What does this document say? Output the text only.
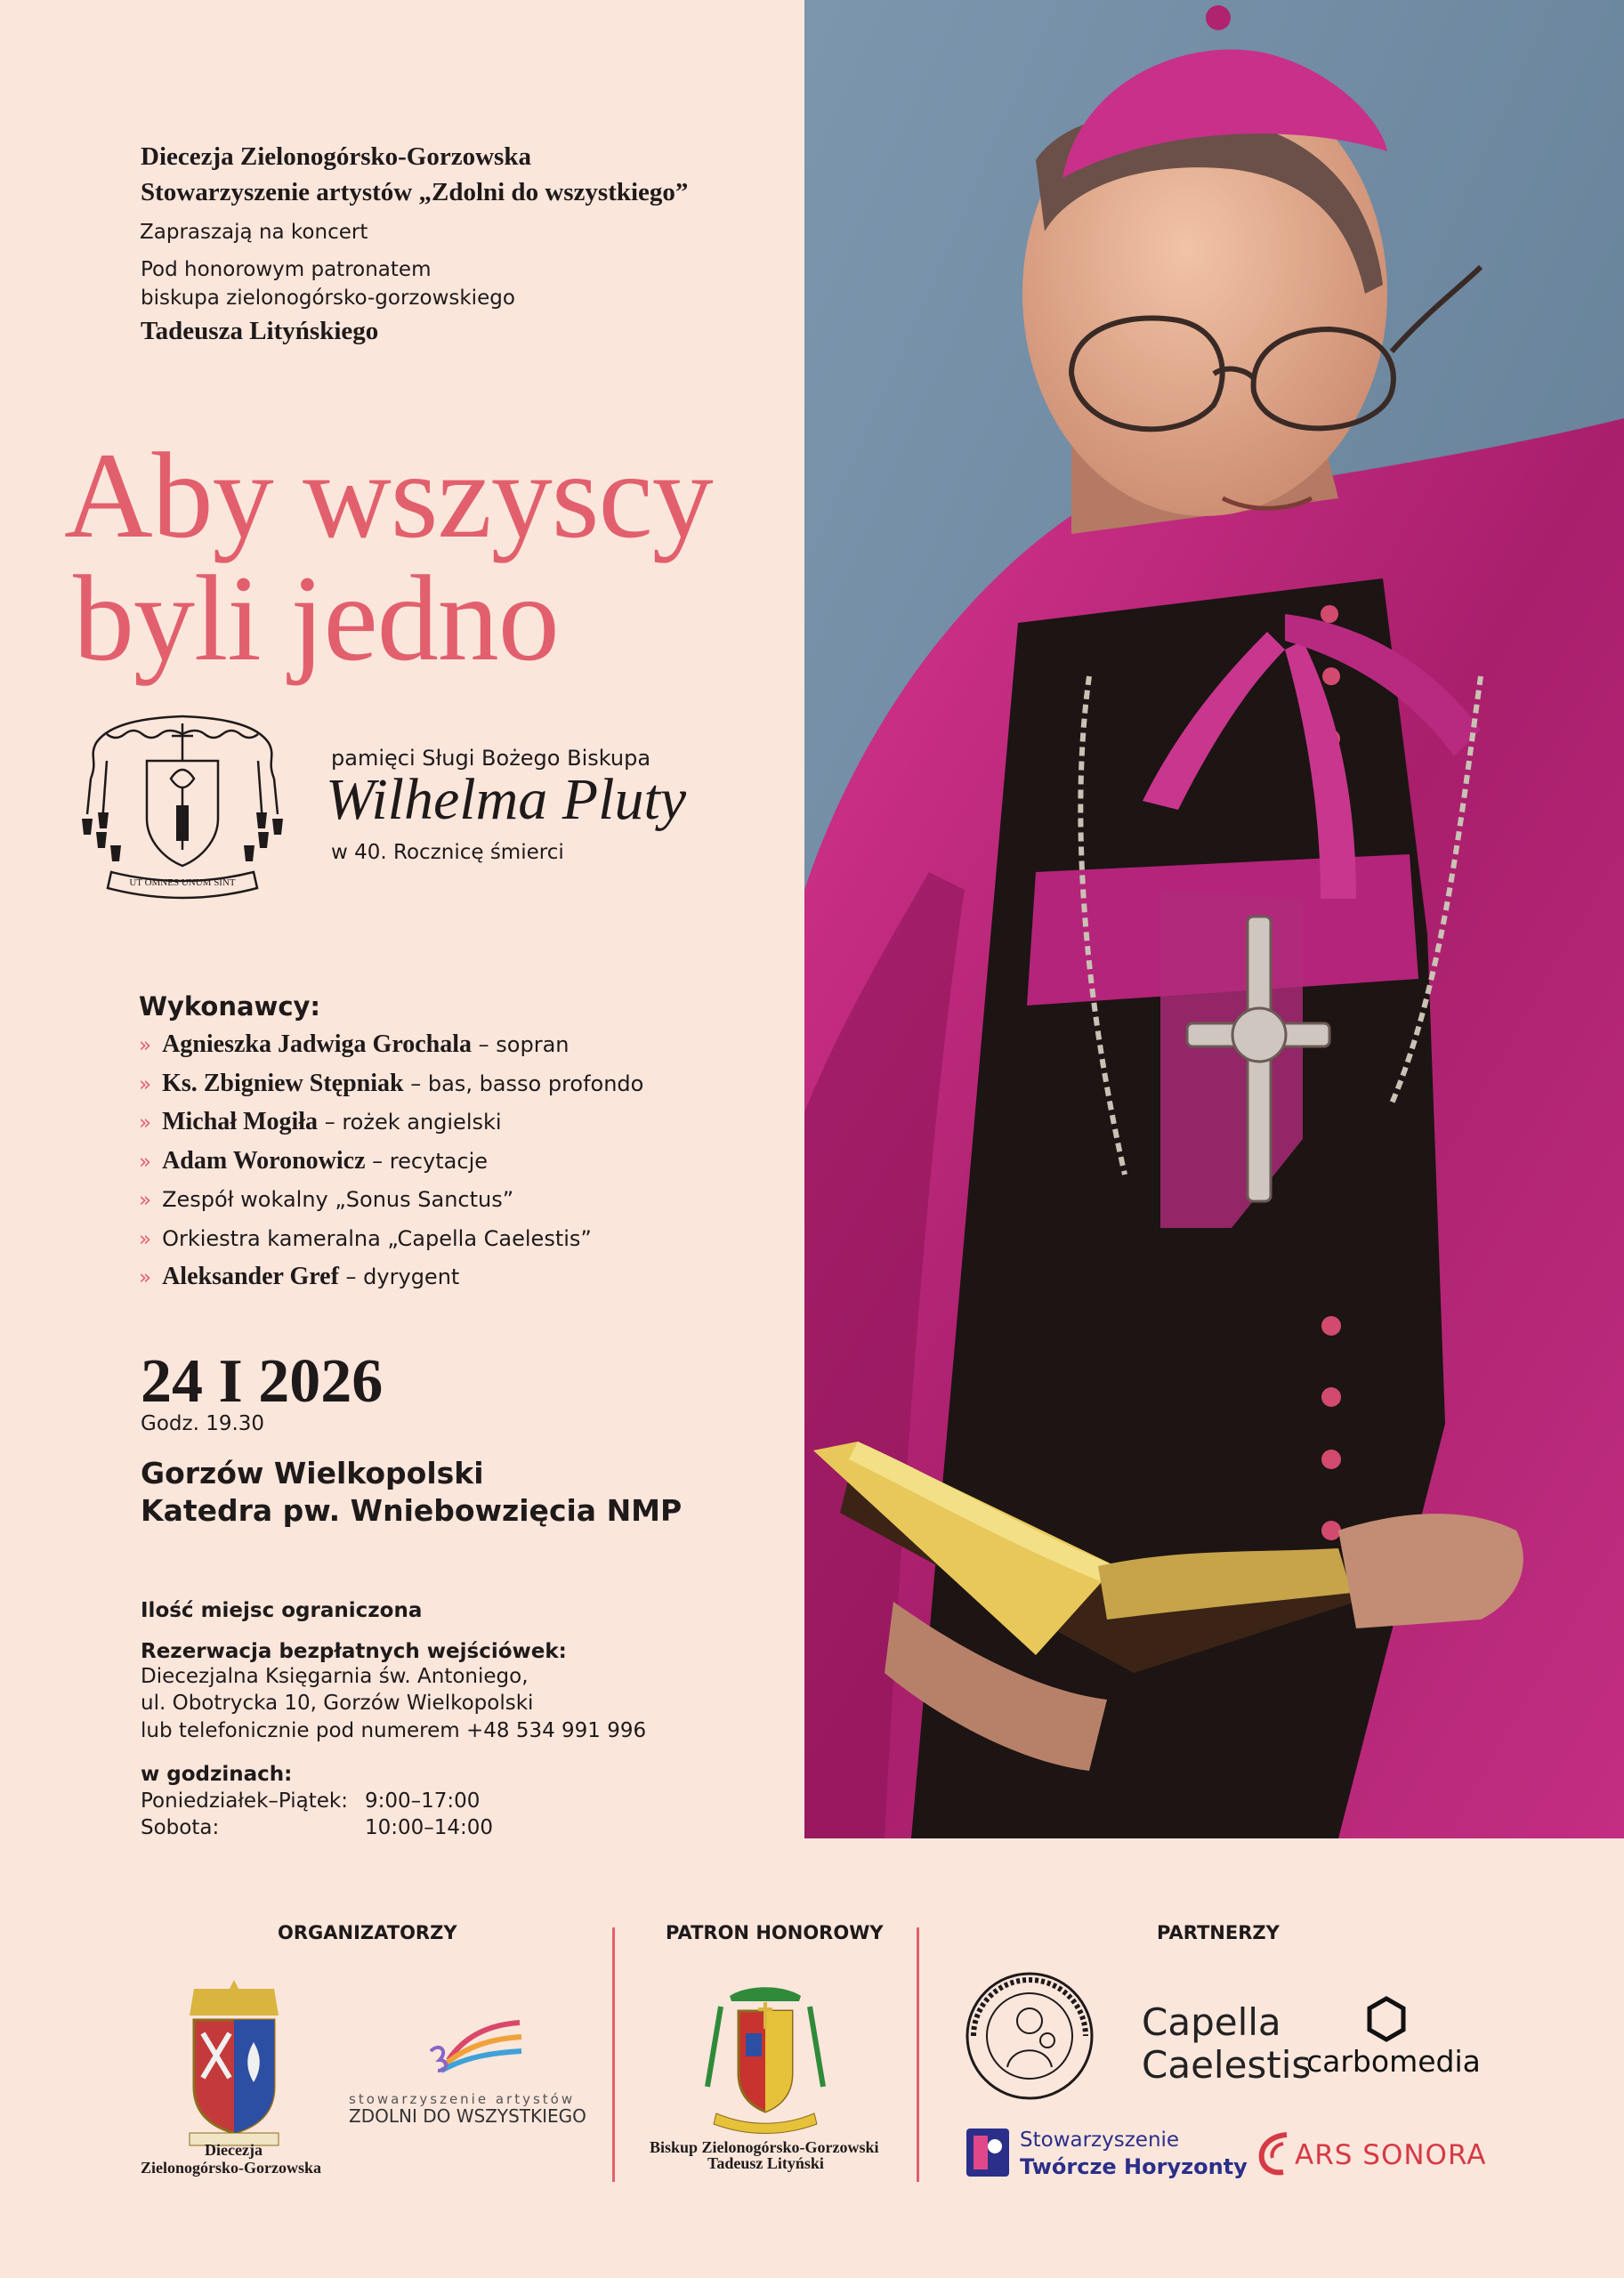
Diecezja Zielonogórsko-Gorzowska
Stowarzyszenie artystów „Zdolni do wszystkiego”
Zapraszają na koncert
Pod honorowym patronatem
biskupa zielonogórsko-gorzowskiego
Tadeusza Lityńskiego
Aby wszyscy
byli jedno
UT OMNES UNUM SINT
pamięci Sługi Bożego Biskupa
Wilhelma Pluty
w 40. Rocznicę śmierci
Wykonawcy:
» Agnieszka Jadwiga Grochala – sopran
» Ks. Zbigniew Stępniak – bas, basso profondo
» Michał Mogiła – rożek angielski
» Adam Woronowicz – recytacje
» Zespół wokalny „Sonus Sanctus”
» Orkiestra kameralna „Capella Caelestis”
» Aleksander Gref – dyrygent
24 I 2026
Godz. 19.30
Gorzów Wielkopolski
Katedra pw. Wniebowzięcia NMP
Ilość miejsc ograniczona
Rezerwacja bezpłatnych wejściówek:
Diecezjalna Księgarnia św. Antoniego,
ul. Obotrycka 10, Gorzów Wielkopolski
lub telefonicznie pod numerem +48 534 991 996
w godzinach:
Poniedziałek–Piątek: 9:00–17:00
Sobota:	10:00–14:00
ORGANIZATORZY	PATRON HONOROWY	PARTNERZY
Diecezja
Zielonogórsko-Gorzowska
stowarzyszenie artystów
ZDOLNI DO WSZYSTKIEGO
Biskup Zielonogórsko-Gorzowski
Tadeusz Lityński
Capella
Caelestis
carbomedia
Stowarzyszenie
Twórcze Horyzonty ARS SONORA
